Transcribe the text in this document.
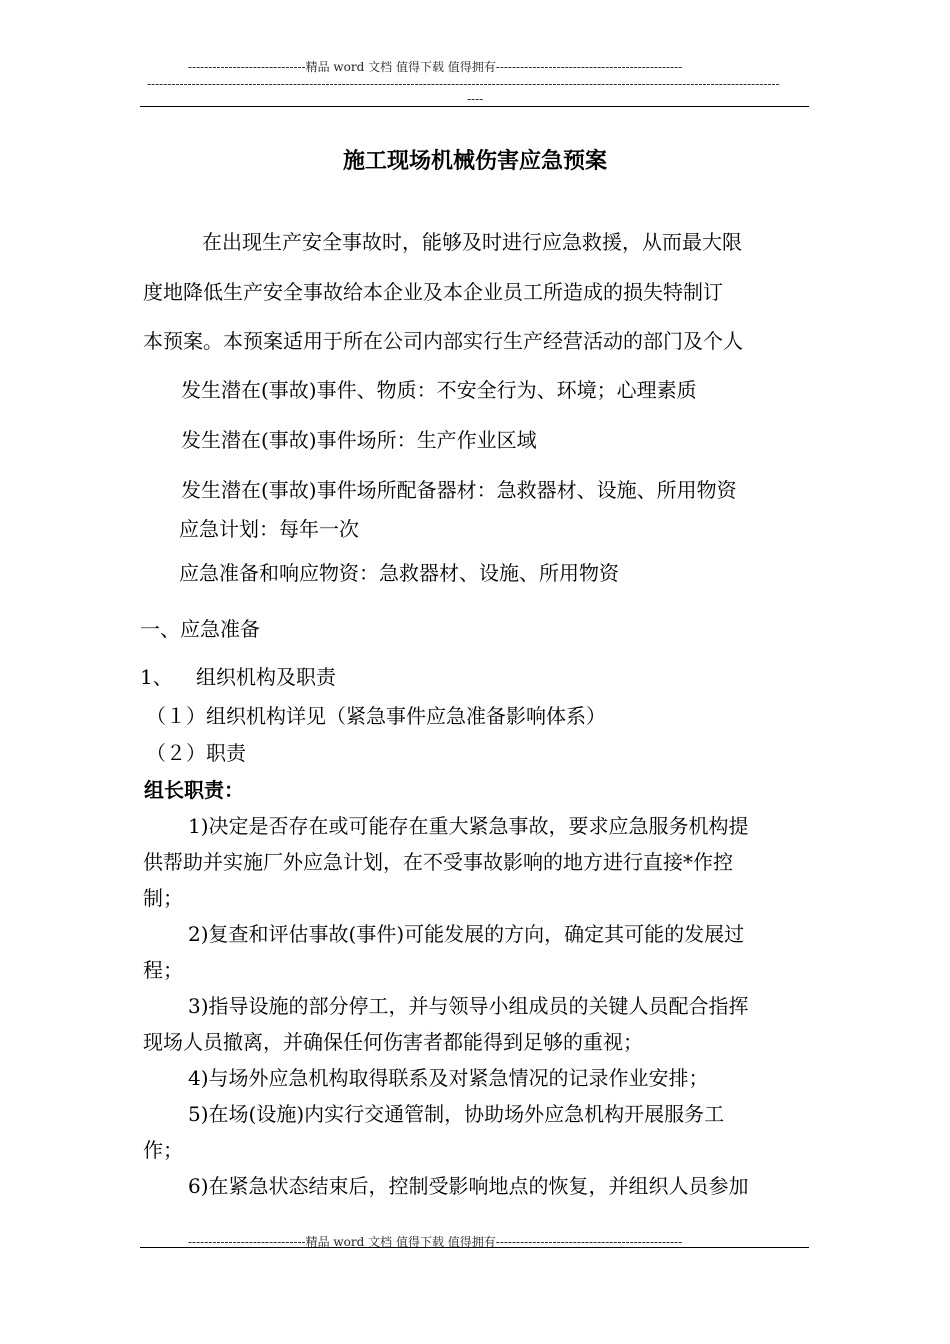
-----------------------------精品 word 文档 值得下载 值得拥有----------------------------------------------
------------------------------------------------------------------------------------------------------------------------------------------------------------
----
施工现场机械伤害应急预案
在出现生产安全事故时，能够及时进行应急救援，从而最大限
度地降低生产安全事故给本企业及本企业员工所造成的损失特制订
本预案。本预案适用于所在公司内部实行生产经营活动的部门及个人
发生潜在(事故)事件、物质：不安全行为、环境；心理素质
发生潜在(事故)事件场所：生产作业区域
发生潜在(事故)事件场所配备器材：急救器材、设施、所用物资
应急计划：每年一次
应急准备和响应物资：急救器材、设施、所用物资
一、应急准备
1、 组织机构及职责
（１）组织机构详见（紧急事件应急准备影响体系）
（２）职责
组长职责：
1)决定是否存在或可能存在重大紧急事故，要求应急服务机构提
供帮助并实施厂外应急计划，在不受事故影响的地方进行直接*作控
制；
2)复查和评估事故(事件)可能发展的方向，确定其可能的发展过
程；
3)指导设施的部分停工，并与领导小组成员的关键人员配合指挥
现场人员撤离，并确保任何伤害者都能得到足够的重视；
4)与场外应急机构取得联系及对紧急情况的记录作业安排；
5)在场(设施)内实行交通管制，协助场外应急机构开展服务工
作；
6)在紧急状态结束后，控制受影响地点的恢复，并组织人员参加
-----------------------------精品 word 文档 值得下载 值得拥有----------------------------------------------
